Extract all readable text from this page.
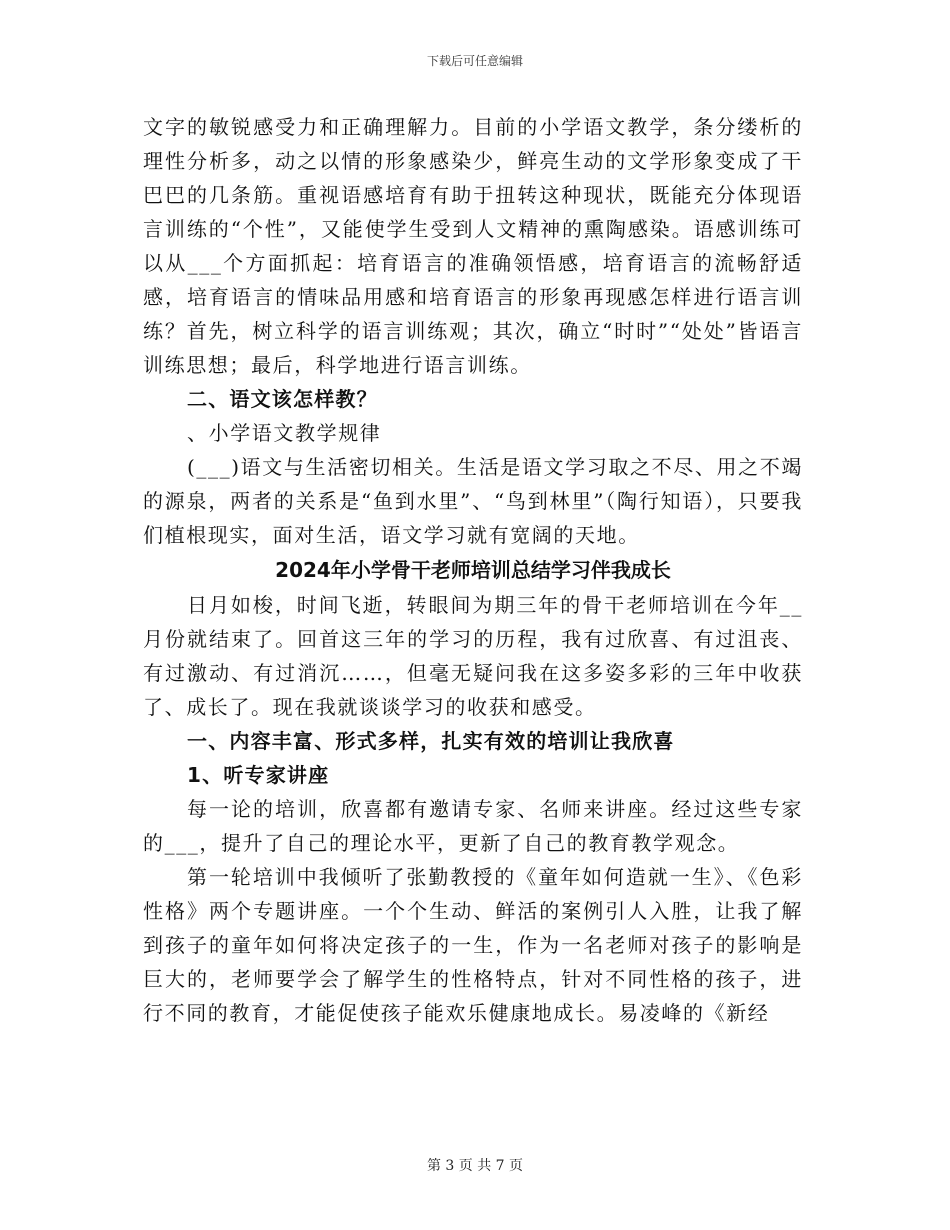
下载后可任意编辑

文字的敏锐感受力和正确理解力。目前的小学语文教学，条分缕析的理性分析多，动之以情的形象感染少，鲜亮生动的文学形象变成了干巴巴的几条筋。重视语感培育有助于扭转这种现状，既能充分体现语言训练的“个性”，又能使学生受到人文精神的熏陶感染。语感训练可以从___个方面抓起：培育语言的准确领悟感，培育语言的流畅舒适感，培育语言的情味品用感和培育语言的形象再现感怎样进行语言训练？首先，树立科学的语言训练观；其次，确立“时时”“处处”皆语言训练思想；最后，科学地进行语言训练。

二、语文该怎样教？

、小学语文教学规律

(___)语文与生活密切相关。生活是语文学习取之不尽、用之不竭的源泉，两者的关系是“鱼到水里”、“鸟到林里”（陶行知语），只要我们植根现实，面对生活，语文学习就有宽阔的天地。

2024年小学骨干老师培训总结学习伴我成长

日月如梭，时间飞逝，转眼间为期三年的骨干老师培训在今年__月份就结束了。回首这三年的学习的历程，我有过欣喜、有过沮丧、有过激动、有过消沉……，但毫无疑问我在这多姿多彩的三年中收获了、成长了。现在我就谈谈学习的收获和感受。

一、内容丰富、形式多样，扎实有效的培训让我欣喜

1、听专家讲座

每一论的培训，欣喜都有邀请专家、名师来讲座。经过这些专家的___，提升了自己的理论水平，更新了自己的教育教学观念。

第一轮培训中我倾听了张勤教授的《童年如何造就一生》、《色彩性格》两个专题讲座。一个个生动、鲜活的案例引人入胜，让我了解到孩子的童年如何将决定孩子的一生，作为一名老师对孩子的影响是巨大的，老师要学会了解学生的性格特点，针对不同性格的孩子，进行不同的教育，才能促使孩子能欢乐健康地成长。易凌峰的《新经

第 3 页 共 7 页
